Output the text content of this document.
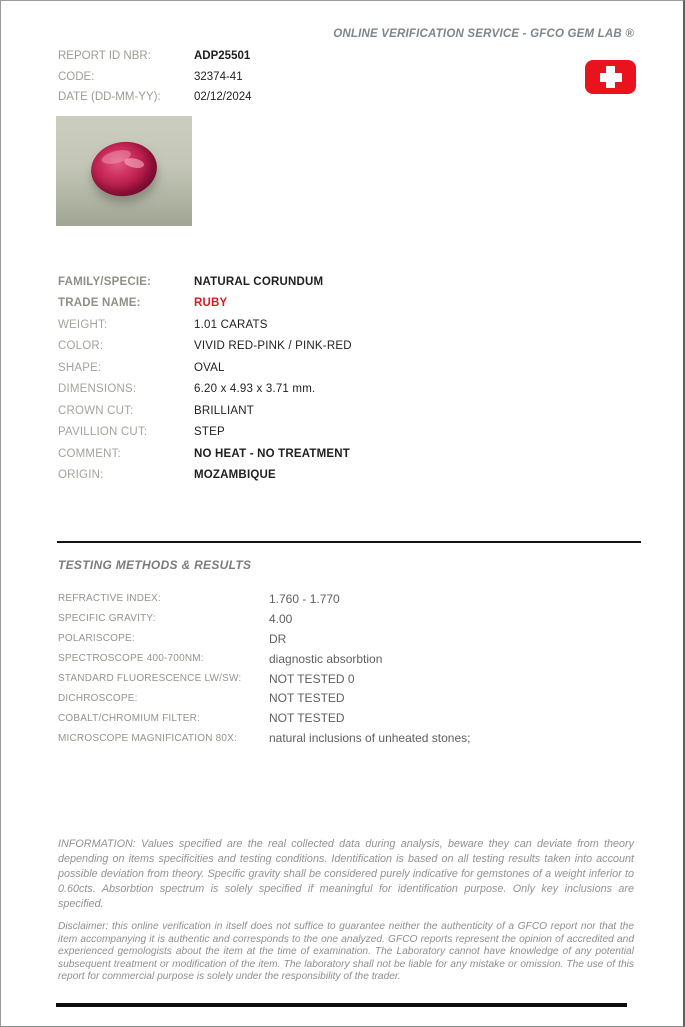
ONLINE VERIFICATION SERVICE - GFCO GEM LAB ®
REPORT ID NBR:	ADP25501
CODE:	32374-41
DATE (DD-MM-YY):	02/12/2024
FAMILY/SPECIE:	NATURAL CORUNDUM
TRADE NAME:	RUBY
WEIGHT:	1.01 CARATS
COLOR:	VIVID RED-PINK / PINK-RED
SHAPE:	OVAL
DIMENSIONS:	6.20 x 4.93 x 3.71 mm.
CROWN CUT:	BRILLIANT
PAVILLION CUT:	STEP
COMMENT:	NO HEAT - NO TREATMENT
ORIGIN:	MOZAMBIQUE
TESTING METHODS & RESULTS
REFRACTIVE INDEX:	1.760 - 1.770
SPECIFIC GRAVITY:	4.00
POLARISCOPE:	DR
SPECTROSCOPE 400-700NM:	diagnostic absorbtion
STANDARD FLUORESCENCE LW/SW:	NOT TESTED 0
DICHROSCOPE:	NOT TESTED
COBALT/CHROMIUM FILTER:	NOT TESTED
MICROSCOPE MAGNIFICATION 80X:	natural inclusions of unheated stones;
INFORMATION: Values specified are the real collected data during analysis, beware they can deviate from theory depending on items specificities and testing conditions. Identification is based on all testing results taken into account possible deviation from theory. Specific gravity shall be considered purely indicative for gemstones of a weight inferior to 0.60cts. Absorbtion spectrum is solely specified if meaningful for identification purpose. Only key inclusions are specified.
Disclaimer: this online verification in itself does not suffice to guarantee neither the authenticity of a GFCO report nor that the item accompanying it is authentic and corresponds to the one analyzed. GFCO reports represent the opinion of accredited and experienced gemologists about the item at the time of examination. The Laboratory cannot have knowledge of any potential subsequent treatment or modification of the item. The laboratory shall not be liable for any mistake or omission. The use of this report for commercial purpose is solely under the responsibility of the trader.
